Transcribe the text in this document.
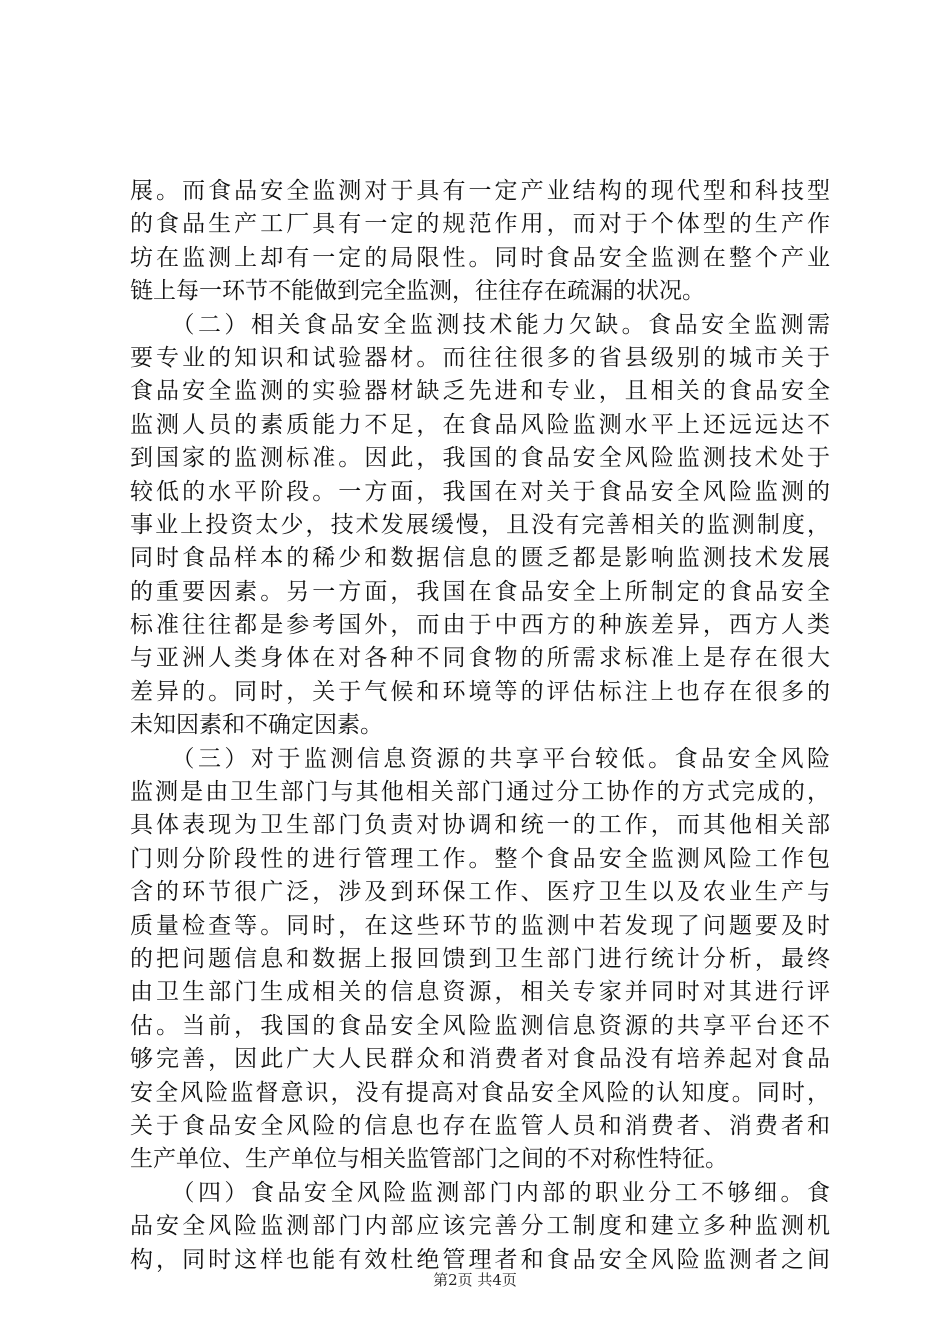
展。而食品安全监测对于具有一定产业结构的现代型和科技型
的食品生产工厂具有一定的规范作用，而对于个体型的生产作
坊在监测上却有一定的局限性。同时食品安全监测在整个产业
链上每一环节不能做到完全监测，往往存在疏漏的状况。
　　（二）相关食品安全监测技术能力欠缺。食品安全监测需
要专业的知识和试验器材。而往往很多的省县级别的城市关于
食品安全监测的实验器材缺乏先进和专业，且相关的食品安全
监测人员的素质能力不足，在食品风险监测水平上还远远达不
到国家的监测标准。因此，我国的食品安全风险监测技术处于
较低的水平阶段。一方面，我国在对关于食品安全风险监测的
事业上投资太少，技术发展缓慢，且没有完善相关的监测制度，
同时食品样本的稀少和数据信息的匮乏都是影响监测技术发展
的重要因素。另一方面，我国在食品安全上所制定的食品安全
标准往往都是参考国外，而由于中西方的种族差异，西方人类
与亚洲人类身体在对各种不同食物的所需求标准上是存在很大
差异的。同时，关于气候和环境等的评估标注上也存在很多的
未知因素和不确定因素。
　　（三）对于监测信息资源的共享平台较低。食品安全风险
监测是由卫生部门与其他相关部门通过分工协作的方式完成的，
具体表现为卫生部门负责对协调和统一的工作，而其他相关部
门则分阶段性的进行管理工作。整个食品安全监测风险工作包
含的环节很广泛，涉及到环保工作、医疗卫生以及农业生产与
质量检查等。同时，在这些环节的监测中若发现了问题要及时
的把问题信息和数据上报回馈到卫生部门进行统计分析，最终
由卫生部门生成相关的信息资源，相关专家并同时对其进行评
估。当前，我国的食品安全风险监测信息资源的共享平台还不
够完善，因此广大人民群众和消费者对食品没有培养起对食品
安全风险监督意识，没有提高对食品安全风险的认知度。同时，
关于食品安全风险的信息也存在监管人员和消费者、消费者和
生产单位、生产单位与相关监管部门之间的不对称性特征。
　　（四）食品安全风险监测部门内部的职业分工不够细。食
品安全风险监测部门内部应该完善分工制度和建立多种监测机
构，同时这样也能有效杜绝管理者和食品安全风险监测者之间
第2页 共4页
